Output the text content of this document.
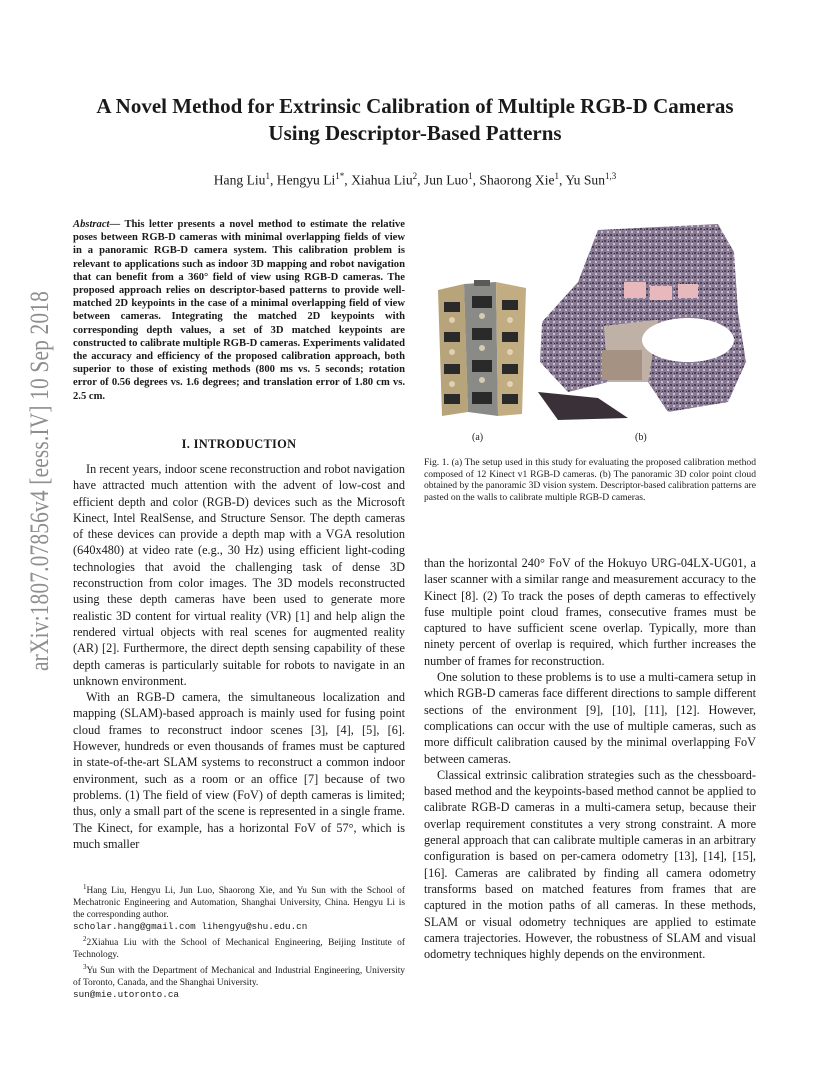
arXiv:1807.07856v4 [eess.IV] 10 Sep 2018
A Novel Method for Extrinsic Calibration of Multiple RGB-D Cameras
Using Descriptor-Based Patterns

Hang Liu$^1$, Hengyu $Li^{1*}$, Xiahua Liu$^2$, Jun Luo$^1$, Shaorong Xie$^1$, Yu Sun$^{1,3}$

Abstract— This letter presents a novel method to estimate the relative poses between RGB-D cameras with minimal overlapping fields of view in a panoramic RGB-D camera system. This calibration problem is relevant to applications such as indoor 3D mapping and robot navigation that can benefit from a 360° field of view using RGB-D cameras. The proposed approach relies on descriptor-based patterns to provide well-matched 2D keypoints in the case of a minimal overlapping field of view between cameras. Integrating the matched 2D keypoints with corresponding depth values, a set of 3D matched keypoints are constructed to calibrate multiple RGB-D cameras. Experiments validated the accuracy and efficiency of the proposed calibration approach, both superior to those of existing methods (800 ms vs. 5 seconds; rotation error of 0.56 degrees vs. 1.6 degrees; and translation error of 1.80 cm vs. 2.5 cm.

I. INTRODUCTION

In recent years, indoor scene reconstruction and robot navigation have attracted much attention with the advent of low-cost and efficient depth and color (RGB-D) devices such as the Microsoft Kinect, Intel RealSense, and Structure Sensor. The depth cameras of these devices can provide a depth map with a VGA resolution (640x480) at video rate (e.g., 30 Hz) using efficient light-coding technologies that avoid the challenging task of dense 3D reconstruction from color images. The 3D models reconstructed using these depth cameras have been used to generate more realistic 3D content for virtual reality (VR) [1] and help align the rendered virtual objects with real scenes for augmented reality (AR) [2]. Furthermore, the direct depth sensing capability of these depth cameras is particularly suitable for robots to navigate in an unknown environment.

With an RGB-D camera, the simultaneous localization and mapping (SLAM)-based approach is mainly used for fusing point cloud frames to reconstruct indoor scenes [3], [4], [5], [6]. However, hundreds or even thousands of frames must be captured in state-of-the-art SLAM systems to reconstruct a common indoor environment, such as a room or an office [7] because of two problems. (1) The field of view (FoV) of depth cameras is limited; thus, only a small part of the scene is represented in a single frame. The Kinect, for example, has a horizontal FoV of 57°, which is much smaller

$^1$Hang Liu, Hengyu Li, Jun Luo, Shaorong Xie, and Yu Sun with the School of Mechatronic Engineering and Automation, Shanghai University, China. Hengyu Li is the corresponding author.
scholar.hang@gmail.com lihengyu@shu.edu.cn

$^2$2Xiahua Liu with the School of Mechanical Engineering, Beijing Institute of Technology.

$^3$Yu Sun with the Department of Mechanical and Industrial Engineering, University of Toronto, Canada, and the Shanghai University.
sun@mie.utoronto.ca

(a)	(b)

Fig. 1. (a) The setup used in this study for evaluating the proposed calibration method composed of 12 Kinect v1 RGB-D cameras. (b) The panoramic 3D color point cloud obtained by the panoramic 3D vision system. Descriptor-based calibration patterns are pasted on the walls to calibrate multiple RGB-D cameras.

than the horizontal 240° FoV of the Hokuyo URG-04LX-UG01, a laser scanner with a similar range and measurement accuracy to the Kinect [8]. (2) To track the poses of depth cameras to effectively fuse multiple point cloud frames, consecutive frames must be captured to have sufficient scene overlap. Typically, more than ninety percent of overlap is required, which further increases the number of frames for reconstruction.

One solution to these problems is to use a multi-camera setup in which RGB-D cameras face different directions to sample different sections of the environment [9], [10], [11], [12]. However, complications can occur with the use of multiple cameras, such as more difficult calibration caused by the minimal overlapping FoV between cameras.

Classical extrinsic calibration strategies such as the chessboard-based method and the keypoints-based method cannot be applied to calibrate RGB-D cameras in a multi-camera setup, because their overlap requirement constitutes a very strong constraint. A more general approach that can calibrate multiple cameras in an arbitrary configuration is based on per-camera odometry [13], [14], [15], [16]. Cameras are calibrated by finding all camera odometry transforms based on matched features from frames that are captured in the motion paths of all cameras. In these methods, SLAM or visual odometry techniques are applied to estimate camera trajectories. However, the robustness of SLAM and visual odometry techniques highly depends on the environment.
